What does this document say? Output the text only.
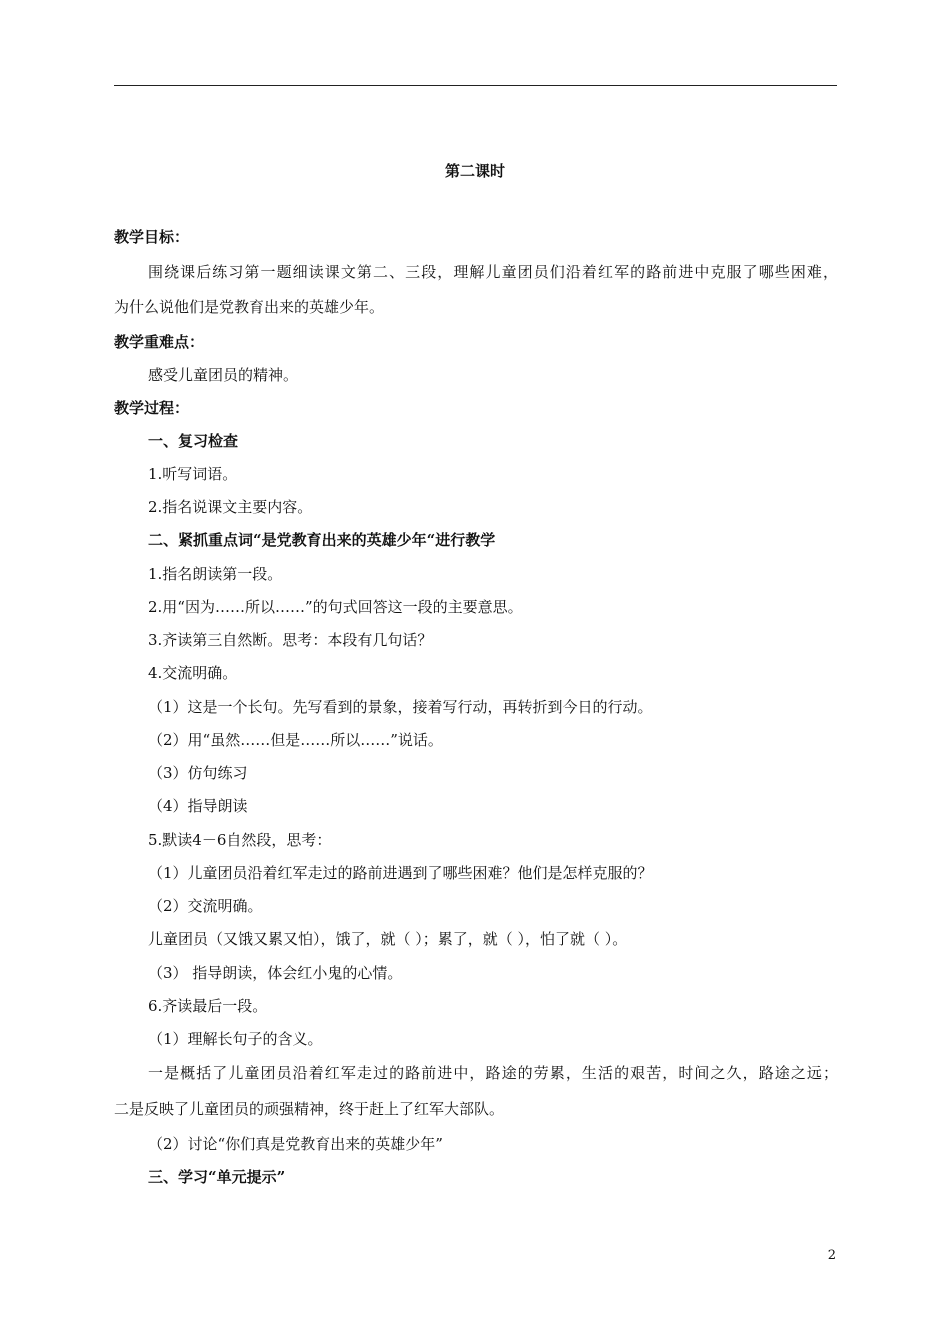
第二课时
教学目标：
围绕课后练习第一题细读课文第二、三段，理解儿童团员们沿着红军的路前进中克服了哪些困难，
为什么说他们是党教育出来的英雄少年。
教学重难点：
感受儿童团员的精神。
教学过程：
一、复习检查
1.听写词语。
2.指名说课文主要内容。
二、紧抓重点词“是党教育出来的英雄少年“进行教学
1.指名朗读第一段。
2.用“因为……所以……”的句式回答这一段的主要意思。
3.齐读第三自然断。思考：本段有几句话？
4.交流明确。
（1）这是一个长句。先写看到的景象，接着写行动，再转折到今日的行动。
（2）用“虽然……但是……所以……”说话。
（3）仿句练习
（4）指导朗读
5.默读4－6自然段，思考：
（1）儿童团员沿着红军走过的路前进遇到了哪些困难？他们是怎样克服的？
（2）交流明确。
儿童团员（又饿又累又怕），饿了，就（ ）；累了，就（ ），怕了就（ ）。
（3） 指导朗读，体会红小鬼的心情。
6.齐读最后一段。
（1）理解长句子的含义。
一是概括了儿童团员沿着红军走过的路前进中，路途的劳累，生活的艰苦，时间之久，路途之远；
二是反映了儿童团员的顽强精神，终于赶上了红军大部队。
（2）讨论“你们真是党教育出来的英雄少年”
三、学习“单元提示”
2
